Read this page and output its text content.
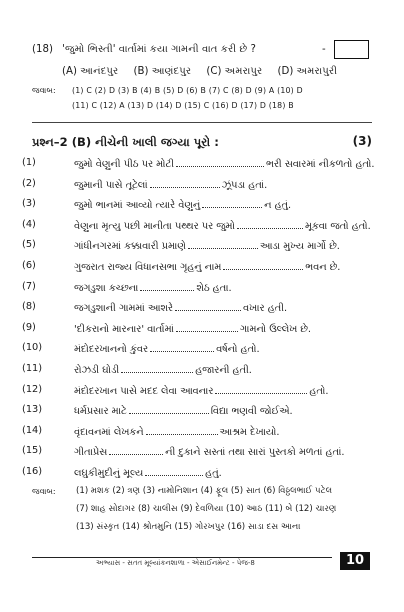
(18) 'જુમો ભિસ્તી' વાર્તામાં કયા ગામની વાત કરી છે ?	-
(A) આનંદપુર (B) આણંદપુર (C) અમરાપુર (D) અમરાપુરી
જવાબ: (1) C (2) D (3) B (4) B (5) D (6) B (7) C (8) D (9) A (10) D
(11) C (12) A (13) D (14) D (15) C (16) D (17) D (18) B
પ્રશ્ન–2 (B) નીચેની ખાલી જગ્યા પૂરો :	(3)
(1)	જુમો વેણુની પીઠ પર મોટી	ભરી સવારમાં નીકળતો હતો.
(2)	જુમાની પાસે તૂટેલાં	ઝૂંપડા હતાં.
(3)	જુમો ભાનમાં આવ્યો ત્યારે વેણુનું	ન હતું.
(4)	વેણુના મૃત્યુ પછી માનીતા પથ્થર પર જુમો	મૂકવા જતો હતો.
(5)	ગાંધીનગરમાં કક્કાવારી પ્રમાણે	આડા મુખ્ય માર્ગો છે.
(6)	ગુજરાત રાજ્ય વિધાનસભા ગૃહનું નામ	ભવન છે.
(7)	જગડુશા કચ્છના	શેઠ હતા.
(8)	જગડુશાની ગામમાં આશરે	વખાર હતી.
(9)	'દીકરાનો મારનાર' વાર્તામાં	ગામનો ઉલ્લેખ છે.
(10)	મંદોદરખાનનો કુંવર	વર્ષનો હતો.
(11)	રોઝડી ઘોડી	હજારની હતી.
(12)	મંદોદરખાન પાસે મદદ લેવા આવનાર	હતો.
(13)	ધર્મપ્રસાર માટે	વિદ્યા ભણવી જોઈએ.
(14)	વૃંદાવનમાં લેખકને	આશ્રમ દેખાયો.
(15)	ગીતાપ્રેસ	ની દુકાને સસ્તાં તથા સારાં પુસ્તકો મળતાં હતાં.
(16)	લઘુકીમુદીનું મૂલ્ય	હતું.
જવાબ: (1) મશક (2) ત્રણ (3) નામોનિશાન (4) ફૂલ (5) સાત (6) વિઠ્ઠલભાઈ પટેલ
(7) શાહ સોદાગર (8) ચાલીસ (9) દેવળિયા (10) આઠ (11) બે (12) ચારણ
(13) સંસ્કૃત (14) શ્રોતમુનિ (15) ગોરખપુર (16) સાડા દસ આના
અભ્યાસ - સતત મૂલ્યાંકનશાળા - એસાઈનમેન્ટ - પેજ-8	10
